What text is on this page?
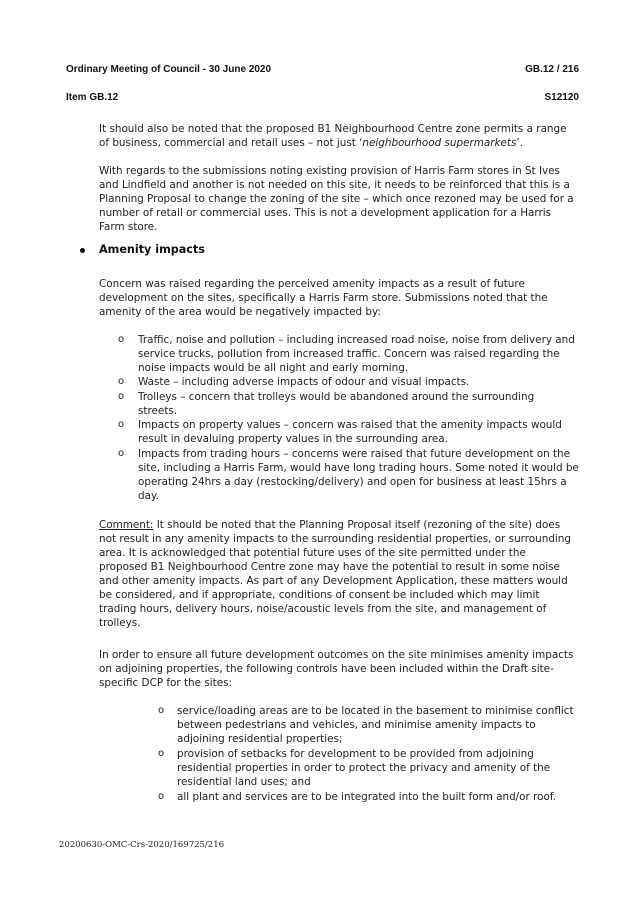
Ordinary Meeting of Council - 30 June 2020	GB.12 / 216
Item GB.12	S12120

It should also be noted that the proposed B1 Neighbourhood Centre zone permits a range of business, commercial and retail uses – not just ‘neighbourhood supermarkets’.

With regards to the submissions noting existing provision of Harris Farm stores in St Ives and Lindfield and another is not needed on this site, it needs to be reinforced that this is a Planning Proposal to change the zoning of the site – which once rezoned may be used for a number of retail or commercial uses. This is not a development application for a Harris Farm store.

Amenity impacts

Concern was raised regarding the perceived amenity impacts as a result of future development on the sites, specifically a Harris Farm store. Submissions noted that the amenity of the area would be negatively impacted by:

o Traffic, noise and pollution – including increased road noise, noise from delivery and service trucks, pollution from increased traffic. Concern was raised regarding the noise impacts would be all night and early morning.

o Waste – including adverse impacts of odour and visual impacts.

o Trolleys – concern that trolleys would be abandoned around the surrounding streets.

o Impacts on property values – concern was raised that the amenity impacts would result in devaluing property values in the surrounding area.

o Impacts from trading hours – concerns were raised that future development on the site, including a Harris Farm, would have long trading hours. Some noted it would be operating 24hrs a day (restocking/delivery) and open for business at least 15hrs a day.

Comment: It should be noted that the Planning Proposal itself (rezoning of the site) does not result in any amenity impacts to the surrounding residential properties, or surrounding area. It is acknowledged that potential future uses of the site permitted under the proposed B1 Neighbourhood Centre zone may have the potential to result in some noise and other amenity impacts. As part of any Development Application, these matters would be considered, and if appropriate, conditions of consent be included which may limit trading hours, delivery hours, noise/acoustic levels from the site, and management of trolleys.

In order to ensure all future development outcomes on the site minimises amenity impacts on adjoining properties, the following controls have been included within the Draft site-specific DCP for the sites:

o service/loading areas are to be located in the basement to minimise conflict between pedestrians and vehicles, and minimise amenity impacts to adjoining residential properties;

o provision of setbacks for development to be provided from adjoining residential properties in order to protect the privacy and amenity of the residential land uses; and

o all plant and services are to be integrated into the built form and/or roof.

20200630-OMC-Crs-2020/169725/216
